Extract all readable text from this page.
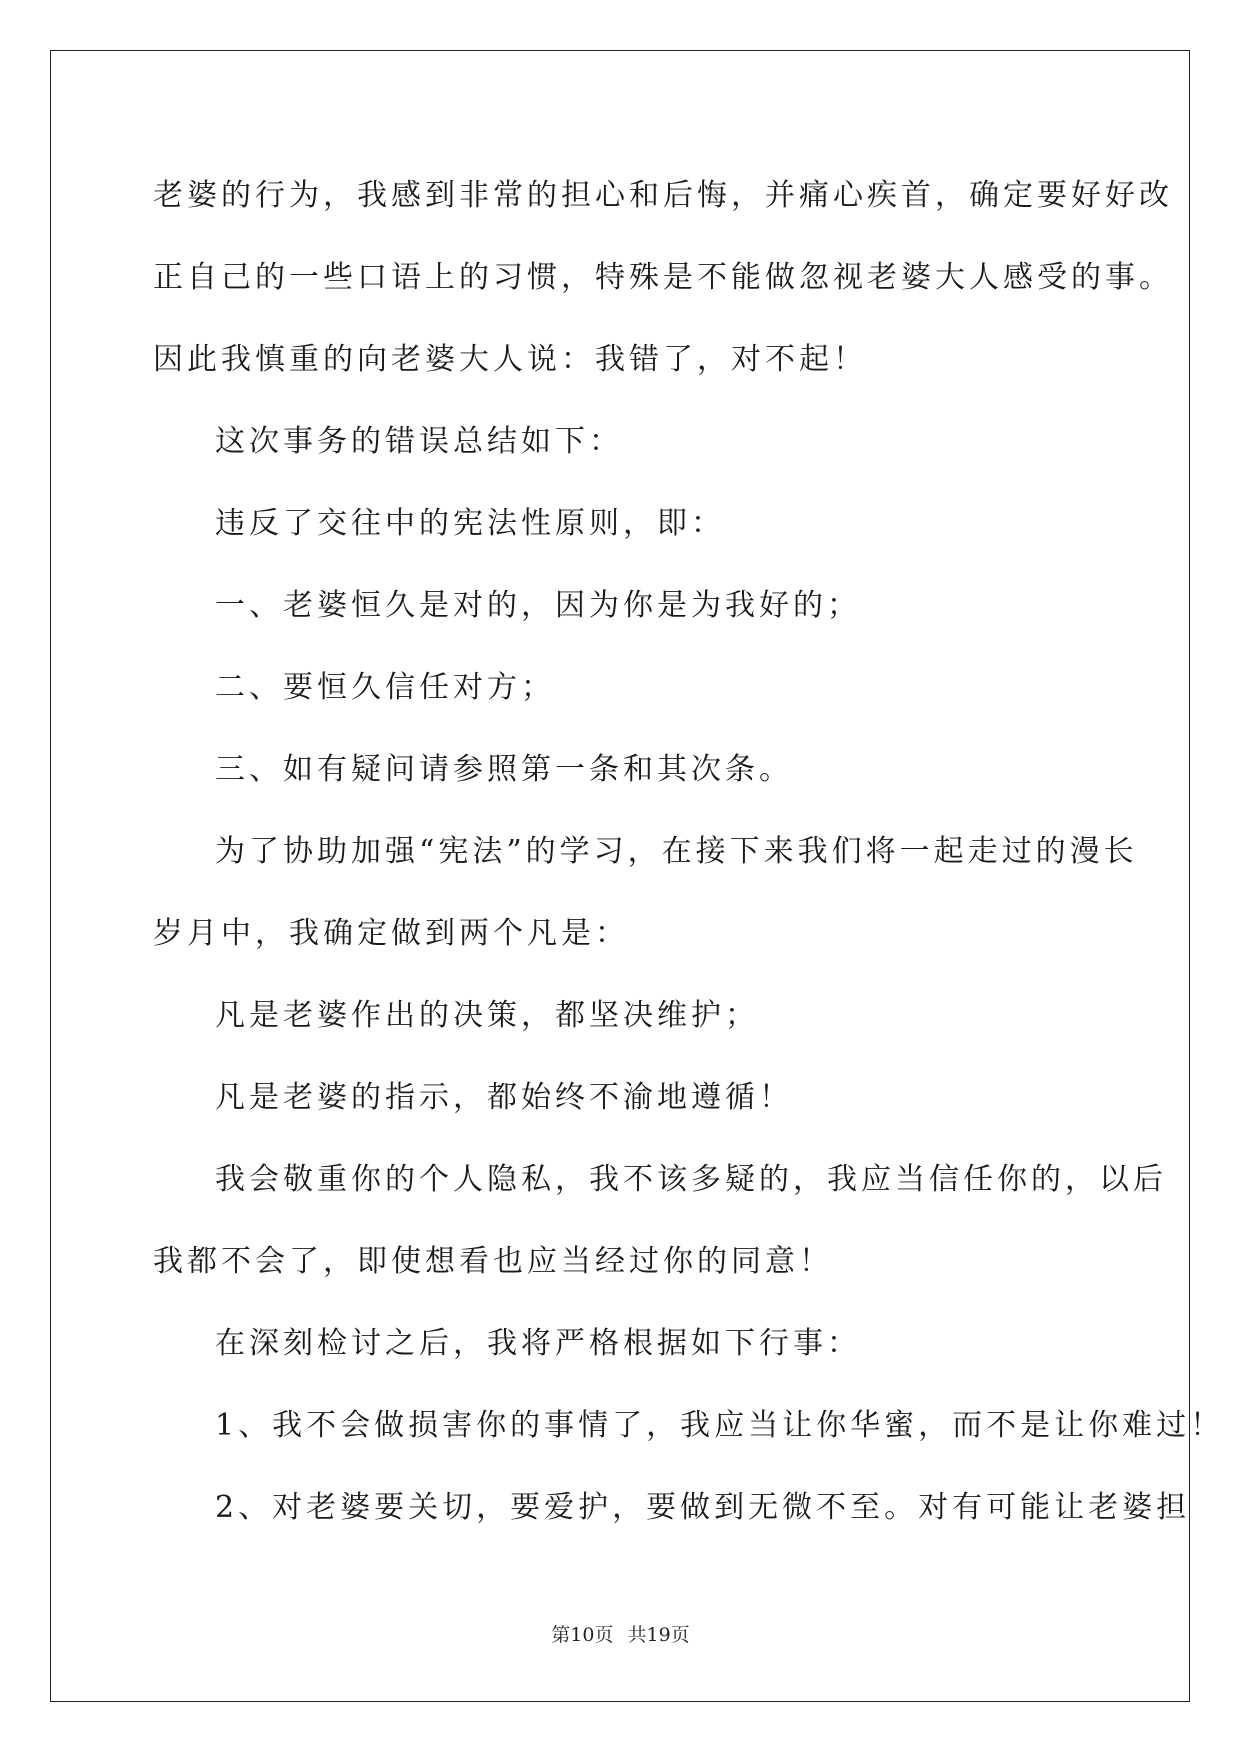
老婆的行为，我感到非常的担心和后悔，并痛心疾首，确定要好好改
正自己的一些口语上的习惯，特殊是不能做忽视老婆大人感受的事。
因此我慎重的向老婆大人说：我错了，对不起！
这次事务的错误总结如下：
违反了交往中的宪法性原则，即：
一、老婆恒久是对的，因为你是为我好的；
二、要恒久信任对方；
三、如有疑问请参照第一条和其次条。
为了协助加强“宪法”的学习，在接下来我们将一起走过的漫长
岁月中，我确定做到两个凡是：
凡是老婆作出的决策，都坚决维护；
凡是老婆的指示，都始终不渝地遵循！
我会敬重你的个人隐私，我不该多疑的，我应当信任你的，以后
我都不会了，即使想看也应当经过你的同意！
在深刻检讨之后，我将严格根据如下行事：
1、我不会做损害你的事情了，我应当让你华蜜，而不是让你难过！
2、对老婆要关切，要爱护，要做到无微不至。对有可能让老婆担
第10页 共19页
